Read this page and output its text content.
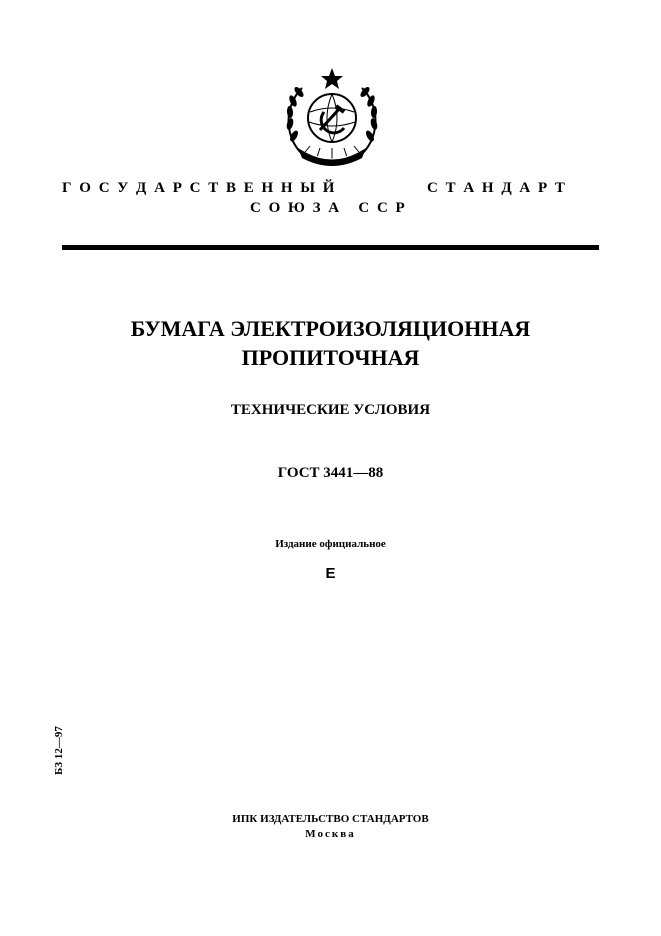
Г О С У Д А Р С Т В Е Н Н Ы Й	С Т А Н Д А Р Т
С О Ю З А   С С Р
БУМАГА ЭЛЕКТРОИЗОЛЯЦИОННАЯ
ПРОПИТОЧНАЯ
ТЕХНИЧЕСКИЕ УСЛОВИЯ
ГОСТ 3441—88
Издание официальное
Е
БЗ 12—97
ИПК ИЗДАТЕЛЬСТВО СТАНДАРТОВ
Москва
